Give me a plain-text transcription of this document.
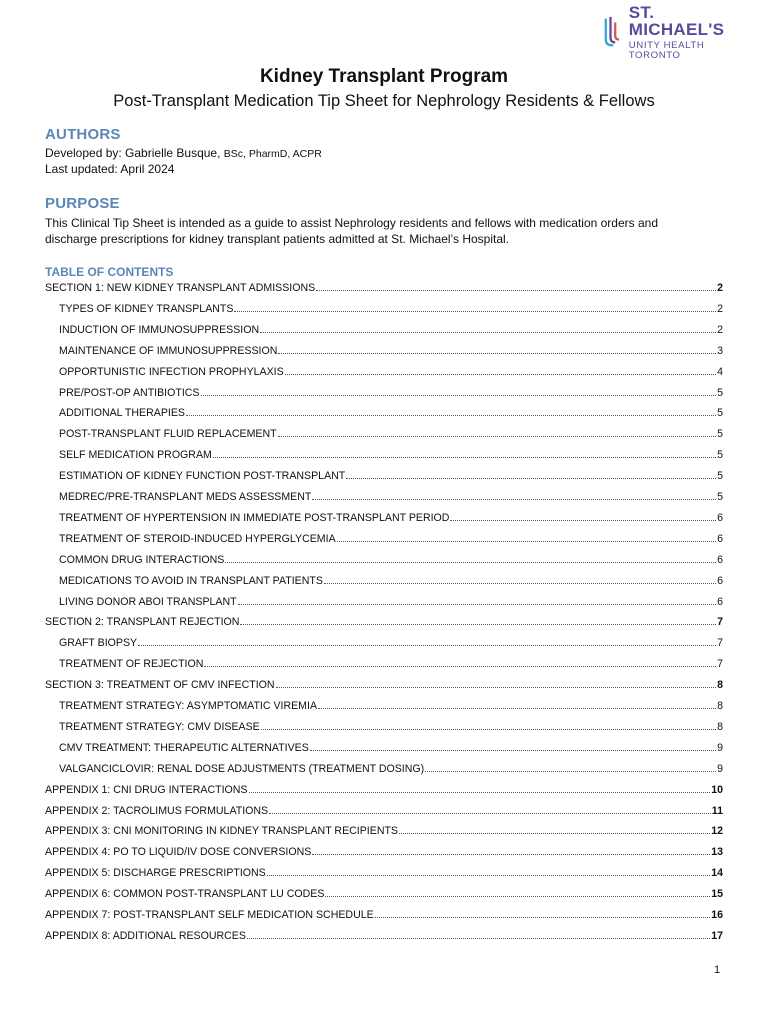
ST. MICHAEL'S
UNITY HEALTH TORONTO
Kidney Transplant Program
Post-Transplant Medication Tip Sheet for Nephrology Residents & Fellows
AUTHORS
Developed by: Gabrielle Busque, BSc, PharmD, ACPR
Last updated: April 2024
PURPOSE
This Clinical Tip Sheet is intended as a guide to assist Nephrology residents and fellows with medication orders and
discharge prescriptions for kidney transplant patients admitted at St. Michael’s Hospital.
TABLE OF CONTENTS
SECTION 1: NEW KIDNEY TRANSPLANT ADMISSIONS	2
TYPES OF KIDNEY TRANSPLANTS	2
INDUCTION OF IMMUNOSUPPRESSION	2
MAINTENANCE OF IMMUNOSUPPRESSION	3
OPPORTUNISTIC INFECTION PROPHYLAXIS	4
PRE/POST-OP ANTIBIOTICS	5
ADDITIONAL THERAPIES	5
POST-TRANSPLANT FLUID REPLACEMENT	5
SELF MEDICATION PROGRAM	5
ESTIMATION OF KIDNEY FUNCTION POST-TRANSPLANT	5
MEDREC/PRE-TRANSPLANT MEDS ASSESSMENT	5
TREATMENT OF HYPERTENSION IN IMMEDIATE POST-TRANSPLANT PERIOD	6
TREATMENT OF STEROID-INDUCED HYPERGLYCEMIA	6
COMMON DRUG INTERACTIONS	6
MEDICATIONS TO AVOID IN TRANSPLANT PATIENTS	6
LIVING DONOR ABOI TRANSPLANT	6
SECTION 2: TRANSPLANT REJECTION	7
GRAFT BIOPSY	7
TREATMENT OF REJECTION	7
SECTION 3: TREATMENT OF CMV INFECTION	8
TREATMENT STRATEGY: ASYMPTOMATIC VIREMIA	8
TREATMENT STRATEGY: CMV DISEASE	8
CMV TREATMENT: THERAPEUTIC ALTERNATIVES	9
VALGANCICLOVIR: RENAL DOSE ADJUSTMENTS (TREATMENT DOSING)	9
APPENDIX 1: CNI DRUG INTERACTIONS	10
APPENDIX 2: TACROLIMUS FORMULATIONS	11
APPENDIX 3: CNI MONITORING IN KIDNEY TRANSPLANT RECIPIENTS	12
APPENDIX 4: PO TO LIQUID/IV DOSE CONVERSIONS	13
APPENDIX 5: DISCHARGE PRESCRIPTIONS	14
APPENDIX 6: COMMON POST-TRANSPLANT LU CODES	15
APPENDIX 7: POST-TRANSPLANT SELF MEDICATION SCHEDULE	16
APPENDIX 8: ADDITIONAL RESOURCES	17
1
